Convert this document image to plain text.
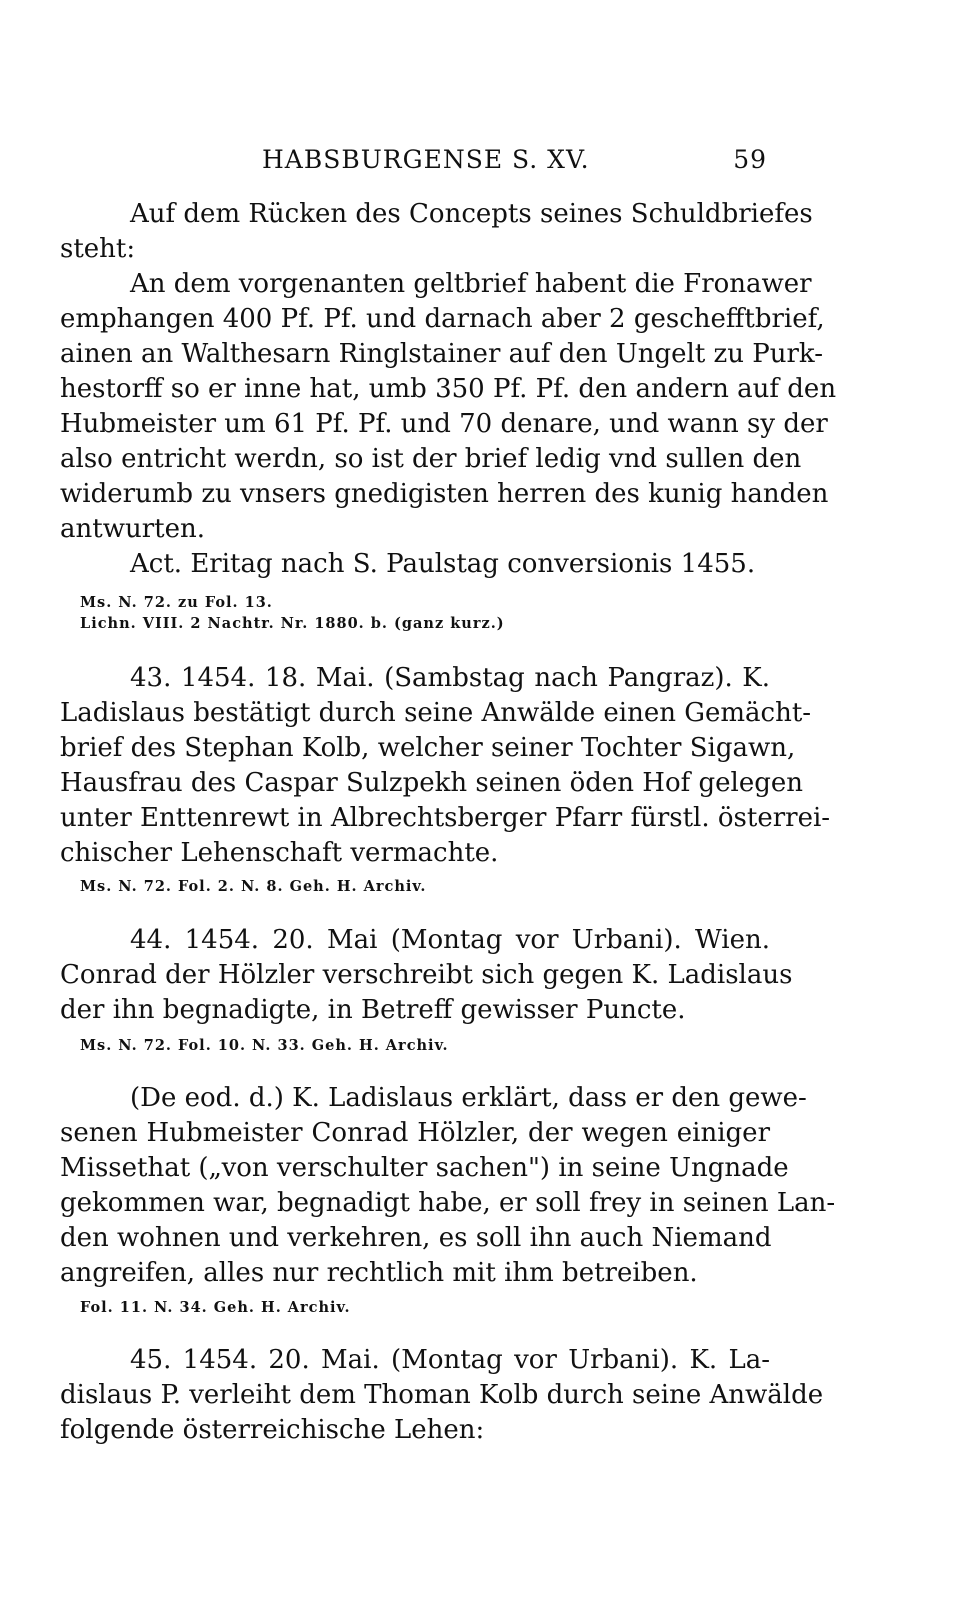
HABSBURGENSE S. XV.	59
Auf dem Rücken des Concepts seines Schuldbriefes
steht:
An dem vorgenanten geltbrief habent die Fronawer
emphangen 400 Pf. Pf. und darnach aber 2 geschefftbrief,
ainen an Walthesarn Ringlstainer auf den Ungelt zu Purk-
hestorff so er inne hat, umb 350 Pf. Pf. den andern auf den
Hubmeister um 61 Pf. Pf. und 70 denare, und wann sy der
also entricht werdn, so ist der brief ledig vnd sullen den
widerumb zu vnsers gnedigisten herren des kunig handen
antwurten.
Act. Eritag nach S. Paulstag conversionis 1455.
Ms. N. 72. zu Fol. 13.
Lichn. VIII. 2 Nachtr. Nr. 1880. b. (ganz kurz.)
43. 1454. 18. Mai. (Sambstag nach Pangraz). K.
Ladislaus bestätigt durch seine Anwälde einen Gemächt-
brief des Stephan Kolb, welcher seiner Tochter Sigawn,
Hausfrau des Caspar Sulzpekh seinen öden Hof gelegen
unter Enttenrewt in Albrechtsberger Pfarr fürstl. österrei-
chischer Lehenschaft vermachte.
Ms. N. 72. Fol. 2. N. 8. Geh. H. Archiv.
44. 1454. 20. Mai (Montag vor Urbani). Wien.
Conrad der Hölzler verschreibt sich gegen K. Ladislaus
der ihn begnadigte, in Betreff gewisser Puncte.
Ms. N. 72. Fol. 10. N. 33. Geh. H. Archiv.
(De eod. d.) K. Ladislaus erklärt, dass er den gewe-
senen Hubmeister Conrad Hölzler, der wegen einiger
Missethat („von verschulter sachen") in seine Ungnade
gekommen war, begnadigt habe, er soll frey in seinen Lan-
den wohnen und verkehren, es soll ihn auch Niemand
angreifen, alles nur rechtlich mit ihm betreiben.
Fol. 11. N. 34. Geh. H. Archiv.
45. 1454. 20. Mai. (Montag vor Urbani). K. La-
dislaus P. verleiht dem Thoman Kolb durch seine Anwälde
folgende österreichische Lehen:
